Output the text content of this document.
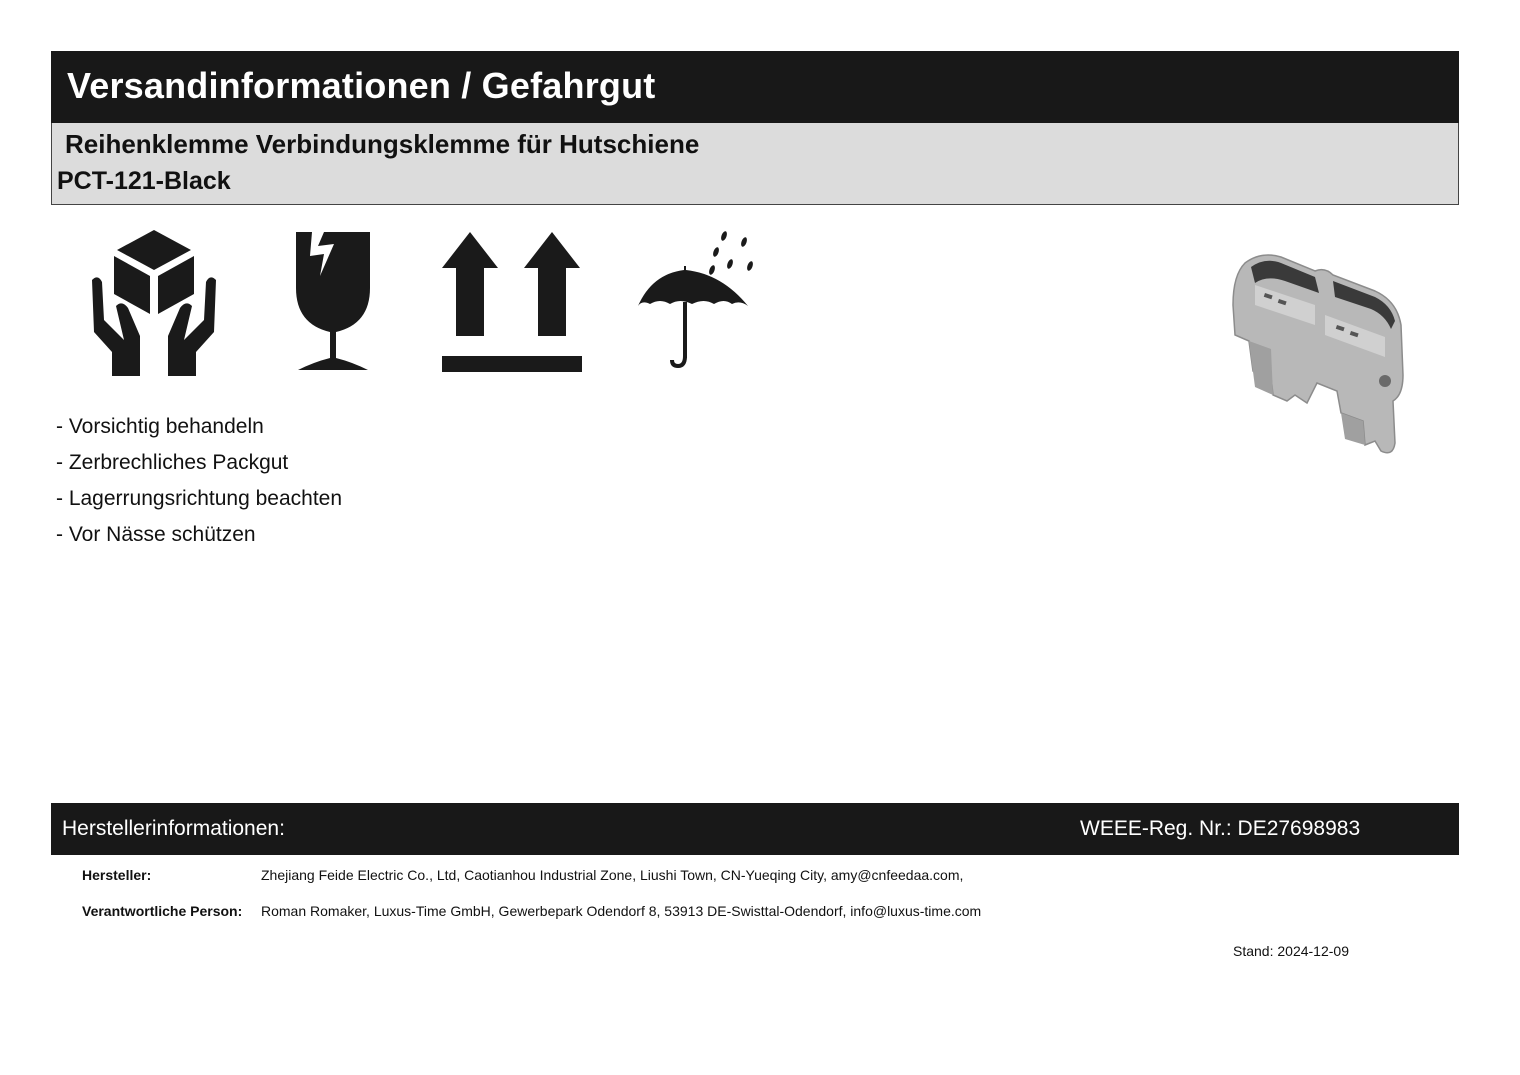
Versandinformationen / Gefahrgut
Reihenklemme Verbindungsklemme für Hutschiene
PCT-121-Black
- Vorsichtig behandeln
- Zerbrechliches Packgut
- Lagerrungsrichtung beachten
- Vor Nässe schützen
Herstellerinformationen:	WEEE-Reg. Nr.: DE27698983
Hersteller:	Zhejiang Feide Electric Co., Ltd, Caotianhou Industrial Zone, Liushi Town, CN-Yueqing City, amy@cnfeedaa.com,
Verantwortliche Person: Roman Romaker, Luxus-Time GmbH, Gewerbepark Odendorf 8, 53913 DE-Swisttal-Odendorf, info@luxus-time.com
Stand: 2024-12-09
